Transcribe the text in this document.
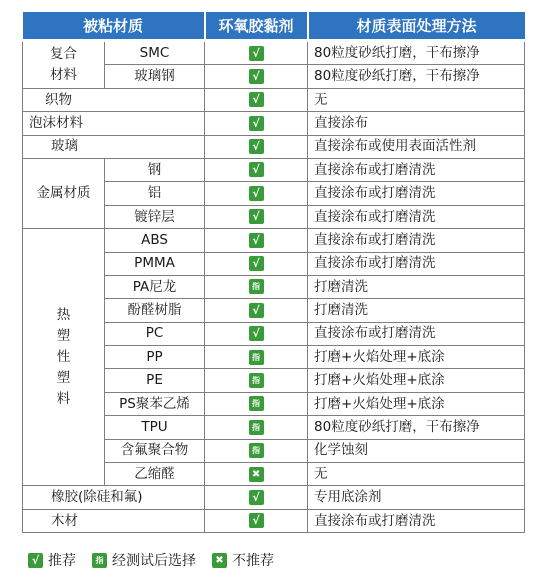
被粘材质		环氧胶黏剂	材质表面处理方法
复合材料	SMC	√	80粒度砂纸打磨，干布擦净
	玻璃钢	√	80粒度砂纸打磨，干布擦净
织物		√	无
泡沫材料		√	直接涂布
玻璃		√	直接涂布或使用表面活性剂
金属材质	钢	√	直接涂布或打磨清洗
	铝	√	直接涂布或打磨清洗
	镀锌层	√	直接涂布或打磨清洗
热塑性塑料	ABS	√	直接涂布或打磨清洗
	PMMA	√	直接涂布或打磨清洗
	PA尼龙	指	打磨清洗
	酚醛树脂	√	打磨清洗
	PC	√	直接涂布或打磨清洗
	PP	指	打磨+火焰处理+底涂
	PE	指	打磨+火焰处理+底涂
	PS聚苯乙烯	指	打磨+火焰处理+底涂
	TPU	指	80粒度砂纸打磨，干布擦净
	含氟聚合物	指	化学蚀刻
	乙缩醛	✖	无
橡胶(除硅和氟)		√	专用底涂剂
木材		√	直接涂布或打磨清洗
√ 推荐	指 经测试后选择	✖ 不推荐
